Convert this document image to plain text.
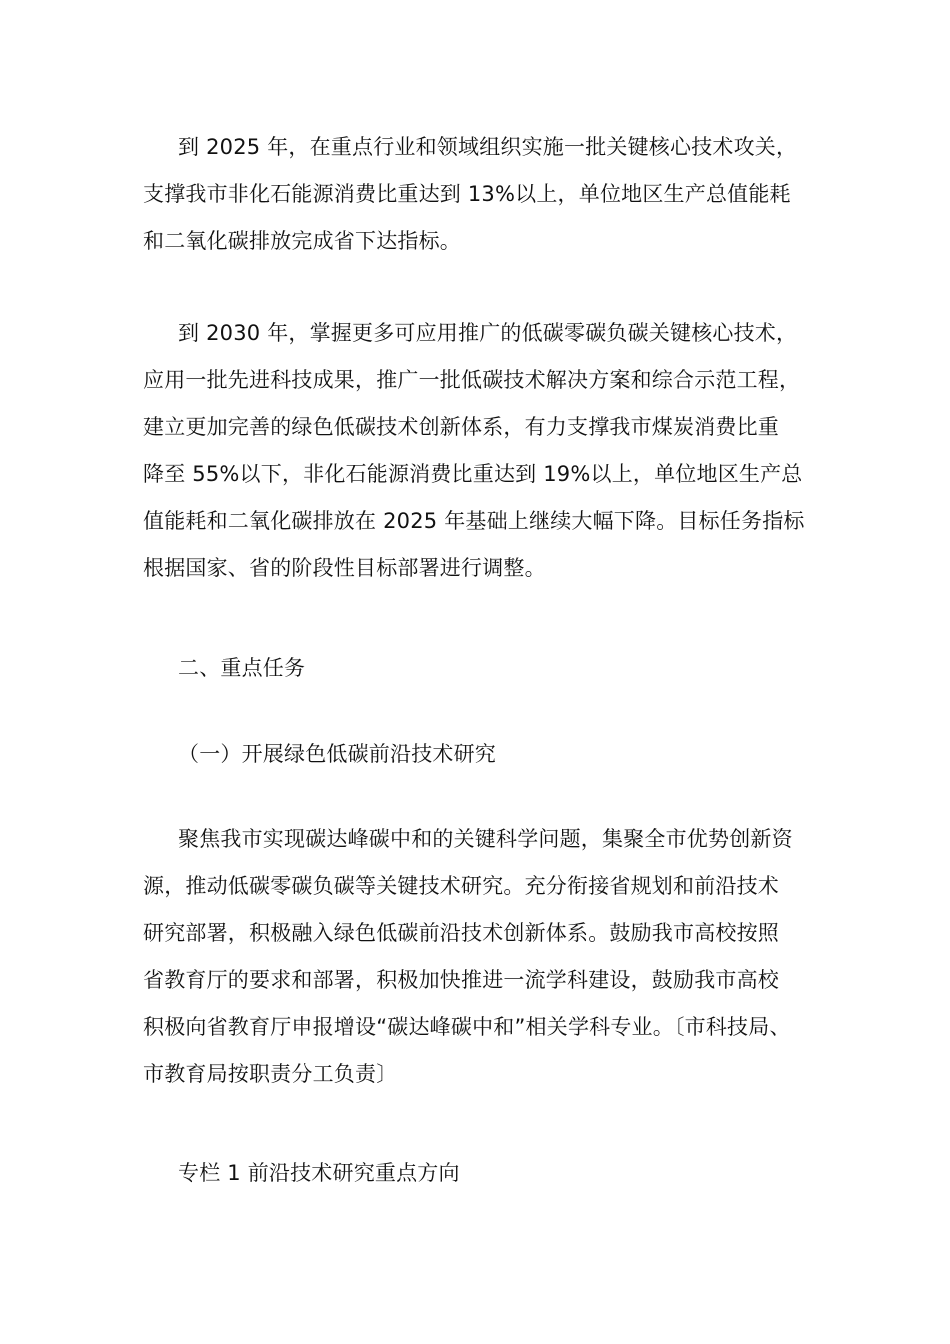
到 2025 年，在重点行业和领域组织实施一批关键核心技术攻关，
支撑我市非化石能源消费比重达到 13%以上，单位地区生产总值能耗
和二氧化碳排放完成省下达指标。
到 2030 年，掌握更多可应用推广的低碳零碳负碳关键核心技术，
应用一批先进科技成果，推广一批低碳技术解决方案和综合示范工程，
建立更加完善的绿色低碳技术创新体系，有力支撑我市煤炭消费比重
降至 55%以下，非化石能源消费比重达到 19%以上，单位地区生产总
值能耗和二氧化碳排放在 2025 年基础上继续大幅下降。目标任务指标
根据国家、省的阶段性目标部署进行调整。
二、重点任务
（一）开展绿色低碳前沿技术研究
聚焦我市实现碳达峰碳中和的关键科学问题，集聚全市优势创新资
源，推动低碳零碳负碳等关键技术研究。充分衔接省规划和前沿技术
研究部署，积极融入绿色低碳前沿技术创新体系。鼓励我市高校按照
省教育厅的要求和部署，积极加快推进一流学科建设，鼓励我市高校
积极向省教育厅申报增设“碳达峰碳中和”相关学科专业。〔市科技局、
市教育局按职责分工负责〕
专栏 1 前沿技术研究重点方向
